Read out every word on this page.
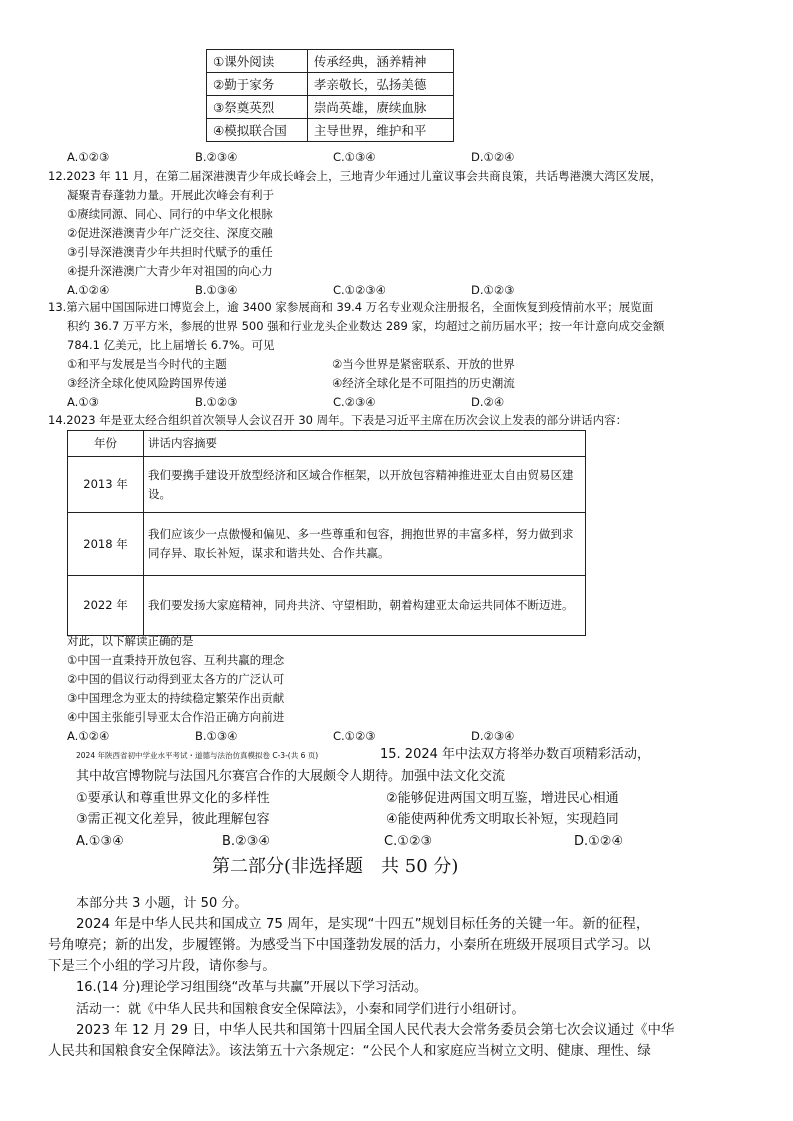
①课外阅读	传承经典，涵养精神
②勤于家务	孝亲敬长，弘扬美德
③祭奠英烈	崇尚英雄，赓续血脉
④模拟联合国	主导世界，维护和平
A.①②③	B.②③④	C.①③④	D.①②④
12.2023 年 11 月，在第二届深港澳青少年成长峰会上，三地青少年通过儿童议事会共商良策，共话粤港澳大湾区发展，
凝聚青春蓬勃力量。开展此次峰会有利于
①赓续同源、同心、同行的中华文化根脉
②促进深港澳青少年广泛交往、深度交融
③引导深港澳青少年共担时代赋予的重任
④提升深港澳广大青少年对祖国的向心力
A.①②④	B.①③④	C.①②③④	D.①②③
13.第六届中国国际进口博览会上，逾 3400 家参展商和 39.4 万名专业观众注册报名，全面恢复到疫情前水平；展览面
积约 36.7 万平方米，参展的世界 500 强和行业龙头企业数达 289 家，均超过之前历届水平；按一年计意向成交金额
784.1 亿美元，比上届增长 6.7%。可见
①和平与发展是当今时代的主题	②当今世界是紧密联系、开放的世界
③经济全球化使风险跨国界传递	④经济全球化是不可阻挡的历史潮流
A.①③	B.①②③	C.②③④	D.②④
14.2023 年是亚太经合组织首次领导人会议召开 30 周年。下表是习近平主席在历次会议上发表的部分讲话内容：
年份	讲话内容摘要
2013 年	我们要携手建设开放型经济和区域合作框架，以开放包容精神推进亚太自由贸易区建设。
2018 年	我们应该少一点傲慢和偏见、多一些尊重和包容，拥抱世界的丰富多样，努力做到求同存异、取长补短，谋求和谐共处、合作共赢。
2022 年	我们要发扬大家庭精神，同舟共济、守望相助，朝着构建亚太命运共同体不断迈进。
对此，以下解读正确的是
①中国一直秉持开放包容、互利共赢的理念
②中国的倡议行动得到亚太各方的广泛认可
③中国理念为亚太的持续稳定繁荣作出贡献
④中国主张能引导亚太合作沿正确方向前进
A.①②④	B.①③④	C.①②③	D.②③④
2024 年陕西省初中学业水平考试・道德与法治仿真模拟卷 C-3-(共 6 页)	15. 2024 年中法双方将举办数百项精彩活动，
其中故宫博物院与法国凡尔赛宫合作的大展颇令人期待。加强中法文化交流
①要承认和尊重世界文化的多样性	②能够促进两国文明互鉴，增进民心相通
③需正视文化差异，彼此理解包容	④能使两种优秀文明取长补短，实现趋同
A.①③④	B.②③④	C.①②③	D.①②④
第二部分(非选择题　共 50 分)
本部分共 3 小题，计 50 分。
2024 年是中华人民共和国成立 75 周年，是实现“十四五”规划目标任务的关键一年。新的征程，
号角嘹亮；新的出发，步履铿锵。为感受当下中国蓬勃发展的活力，小秦所在班级开展项目式学习。以
下是三个小组的学习片段，请你参与。
16.(14 分)理论学习组围绕“改革与共赢”开展以下学习活动。
活动一：就《中华人民共和国粮食安全保障法》，小秦和同学们进行小组研讨。
2023 年 12 月 29 日，中华人民共和国第十四届全国人民代表大会常务委员会第七次会议通过《中华
人民共和国粮食安全保障法》。该法第五十六条规定：“公民个人和家庭应当树立文明、健康、理性、绿
